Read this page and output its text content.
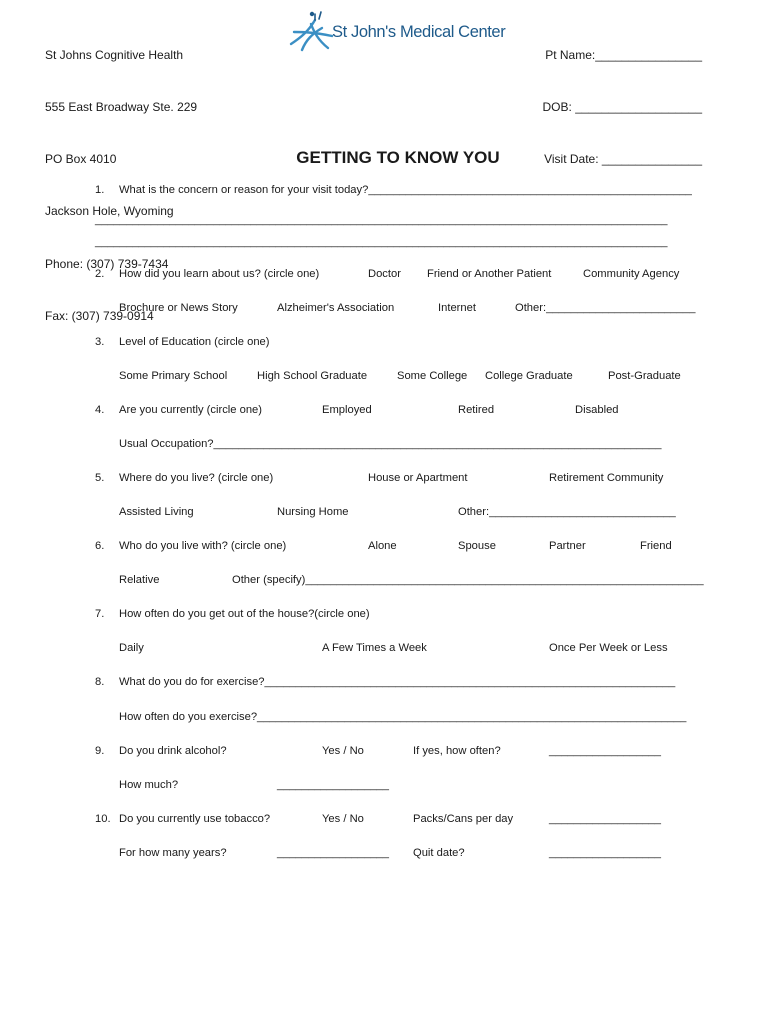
St Johns Cognitive Health

555 East Broadway Ste. 229

PO Box 4010

Jackson Hole, Wyoming

Phone: (307) 739-7434

Fax: (307) 739-0914

St John's Medical Center

Pt Name:________________

DOB: ___________________

Visit Date: _______________

GETTING TO KNOW YOU
1. What is the concern or reason for your visit today?____________________________________________________
____________________________________________________________________________________________
____________________________________________________________________________________________
2. How did you learn about us? (circle one)	Doctor Friend or Another Patient	Community Agency
Brochure or News Story	Alzheimer's Association	Internet	Other:________________________
3. Level of Education (circle one)
Some Primary School	High School Graduate	Some College College Graduate	Post-Graduate
4. Are you currently (circle one)	Employed	Retired	Disabled
Usual Occupation?________________________________________________________________________
5. Where do you live? (circle one)	House or Apartment	Retirement Community
Assisted Living	Nursing Home	Other:______________________________
6. Who do you live with? (circle one)	Alone	Spouse	Partner	Friend
Relative	Other (specify)________________________________________________________________
7. How often do you get out of the house?(circle one)
Daily	A Few Times a Week	Once Per Week or Less
8. What do you do for exercise?__________________________________________________________________
How often do you exercise?_____________________________________________________________________
9. Do you drink alcohol?	Yes / No	If yes, how often?	__________________
How much?	__________________
10. Do you currently use tobacco?	Yes / No	Packs/Cans per day	__________________
For how many years?	__________________ Quit date?	__________________
